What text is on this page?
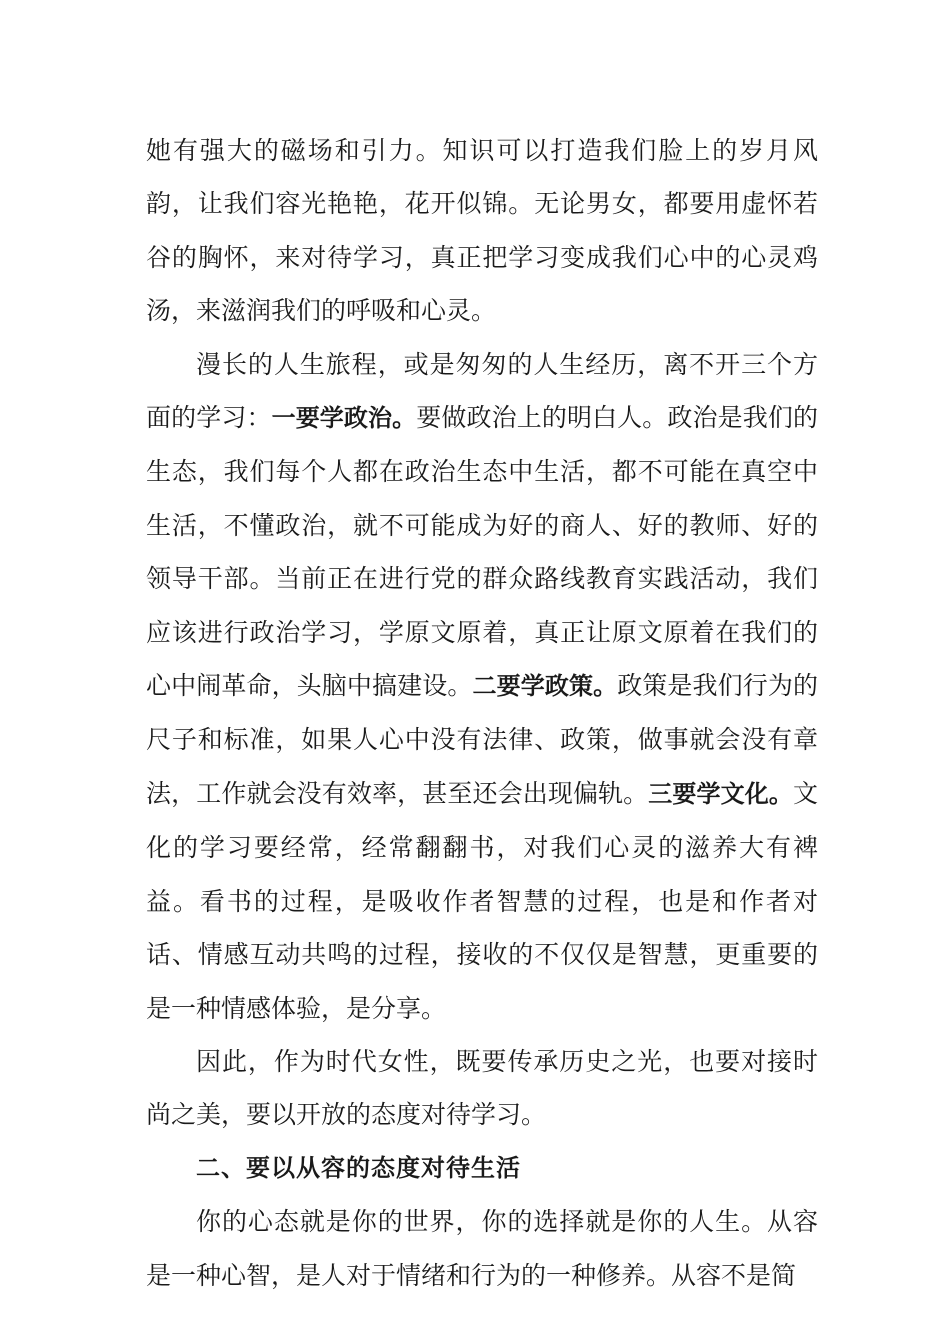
她有强大的磁场和引力。知识可以打造我们脸上的岁月风韵，让我们容光艳艳，花开似锦。无论男女，都要用虚怀若谷的胸怀，来对待学习，真正把学习变成我们心中的心灵鸡汤，来滋润我们的呼吸和心灵。

漫长的人生旅程，或是匆匆的人生经历，离不开三个方面的学习：一要学政治。要做政治上的明白人。政治是我们的生态，我们每个人都在政治生态中生活，都不可能在真空中生活，不懂政治，就不可能成为好的商人、好的教师、好的领导干部。当前正在进行党的群众路线教育实践活动，我们应该进行政治学习，学原文原着，真正让原文原着在我们的心中闹革命，头脑中搞建设。二要学政策。政策是我们行为的尺子和标准，如果人心中没有法律、政策，做事就会没有章法，工作就会没有效率，甚至还会出现偏轨。三要学文化。文化的学习要经常，经常翻翻书，对我们心灵的滋养大有裨益。看书的过程，是吸收作者智慧的过程，也是和作者对话、情感互动共鸣的过程，接收的不仅仅是智慧，更重要的是一种情感体验，是分享。

因此，作为时代女性，既要传承历史之光，也要对接时尚之美，要以开放的态度对待学习。

二、要以从容的态度对待生活

你的心态就是你的世界，你的选择就是你的人生。从容是一种心智，是人对于情绪和行为的一种修养。从容不是简
